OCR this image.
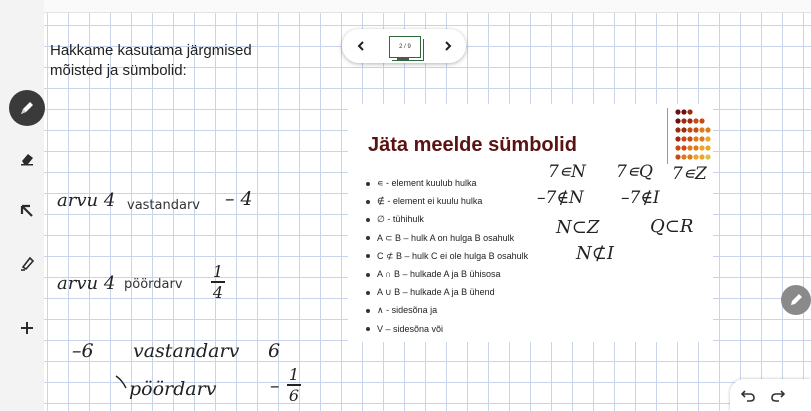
Hakkame kasutama järgmised
mõisted ja sümbolid:
2 / 9
Jäta meelde sümbolid
∊ - element kuulub hulka
∉ - element ei kuulu hulka
∅ - tühihulk
A ⊂ B – hulk A on hulga B osahulk
C ⊄ B – hulk C ei ole hulga B osahulk
A ∩ B – hulkade A ja B ühisosa
A ∪ B – hulkade A ja B ühend
∧ - sidesõna ja
V – sidesõna või
7∊N 7∊Q 7∊Z
–7∉N –7∉I
N⊂Z	Q⊂R
N⊄I
arvu 4 vastandarv – 4
arvu 4 pöördarv
1
4
–6 vastandarv 6
pöördarv	–
1
6
